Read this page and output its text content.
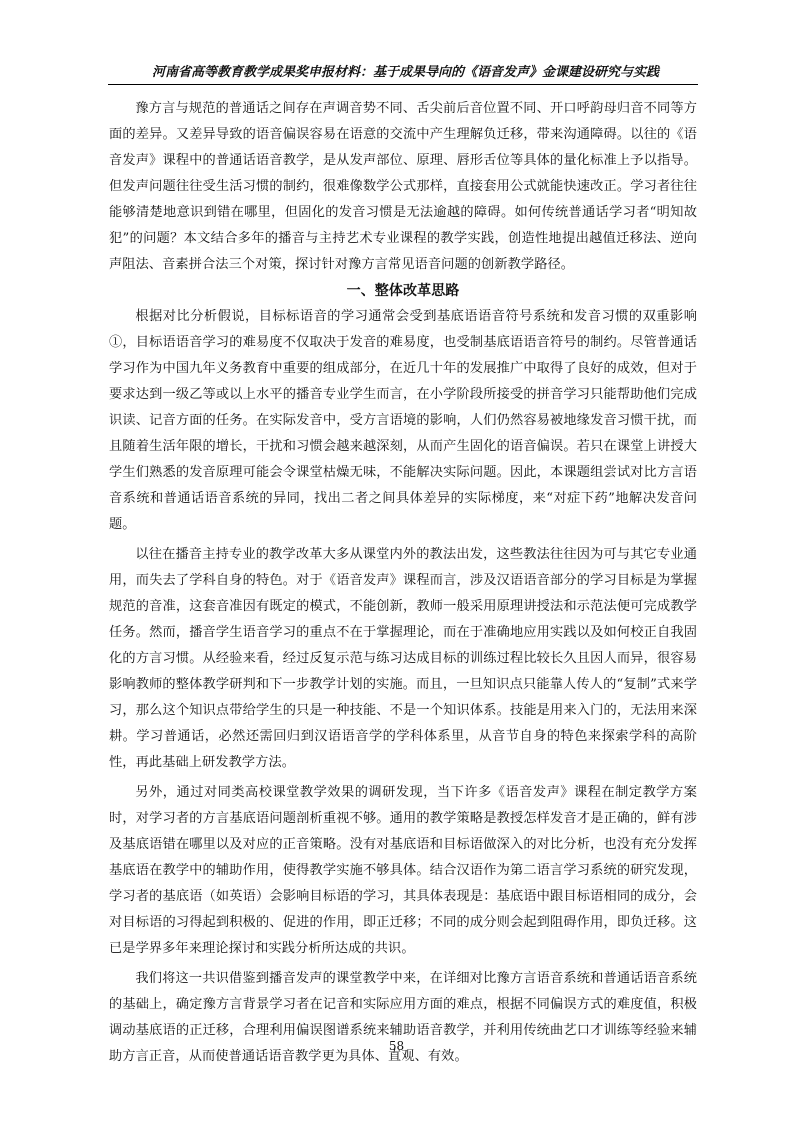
河南省高等教育教学成果奖申报材料：基于成果导向的《语音发声》金课建设研究与实践

豫方言与规范的普通话之间存在声调音势不同、舌尖前后音位置不同、开口呼韵母归音不同等方面的差异。又差异导致的语音偏误容易在语意的交流中产生理解负迁移，带来沟通障碍。以往的《语音发声》课程中的普通话语音教学，是从发声部位、原理、唇形舌位等具体的量化标准上予以指导。但发声问题往往受生活习惯的制约，很难像数学公式那样，直接套用公式就能快速改正。学习者往往能够清楚地意识到错在哪里，但固化的发音习惯是无法逾越的障碍。如何传统普通话学习者“明知故犯”的问题？本文结合多年的播音与主持艺术专业课程的教学实践，创造性地提出越值迁移法、逆向声阻法、音素拼合法三个对策，探讨针对豫方言常见语音问题的创新教学路径。

一、整体改革思路

根据对比分析假说，目标标语音的学习通常会受到基底语语音符号系统和发音习惯的双重影响①，目标语语音学习的难易度不仅取决于发音的难易度，也受制基底语语音符号的制约。尽管普通话学习作为中国九年义务教育中重要的组成部分，在近几十年的发展推广中取得了良好的成效，但对于要求达到一级乙等或以上水平的播音专业学生而言，在小学阶段所接受的拼音学习只能帮助他们完成识读、记音方面的任务。在实际发音中，受方言语境的影响，人们仍然容易被地缘发音习惯干扰，而且随着生活年限的增长，干扰和习惯会越来越深刻，从而产生固化的语音偏误。若只在课堂上讲授大学生们熟悉的发音原理可能会令课堂枯燥无味，不能解决实际问题。因此，本课题组尝试对比方言语音系统和普通话语音系统的异同，找出二者之间具体差异的实际梯度，来“对症下药”地解决发音问题。

以往在播音主持专业的教学改革大多从课堂内外的教法出发，这些教法往往因为可与其它专业通用，而失去了学科自身的特色。对于《语音发声》课程而言，涉及汉语语音部分的学习目标是为掌握规范的音准，这套音准因有既定的模式，不能创新，教师一般采用原理讲授法和示范法便可完成教学任务。然而，播音学生语音学习的重点不在于掌握理论，而在于准确地应用实践以及如何校正自我固化的方言习惯。从经验来看，经过反复示范与练习达成目标的训练过程比较长久且因人而异，很容易影响教师的整体教学研判和下一步教学计划的实施。而且，一旦知识点只能靠人传人的“复制”式来学习，那么这个知识点带给学生的只是一种技能、不是一个知识体系。技能是用来入门的，无法用来深耕。学习普通话，必然还需回归到汉语语音学的学科体系里，从音节自身的特色来探索学科的高阶性，再此基础上研发教学方法。

另外，通过对同类高校课堂教学效果的调研发现，当下许多《语音发声》课程在制定教学方案时，对学习者的方言基底语问题剖析重视不够。通用的教学策略是教授怎样发音才是正确的，鲜有涉及基底语错在哪里以及对应的正音策略。没有对基底语和目标语做深入的对比分析，也没有充分发挥基底语在教学中的辅助作用，使得教学实施不够具体。结合汉语作为第二语言学习系统的研究发现，学习者的基底语（如英语）会影响目标语的学习，其具体表现是：基底语中跟目标语相同的成分，会对目标语的习得起到积极的、促进的作用，即正迁移；不同的成分则会起到阻碍作用，即负迁移。这已是学界多年来理论探讨和实践分析所达成的共识。

我们将这一共识借鉴到播音发声的课堂教学中来，在详细对比豫方言语音系统和普通话语音系统的基础上，确定豫方言背景学习者在记音和实际应用方面的难点，根据不同偏误方式的难度值，积极调动基底语的正迁移，合理利用偏误图谱系统来辅助语音教学，并利用传统曲艺口才训练等经验来辅助方言正音，从而使普通话语音教学更为具体、直观、有效。

58
